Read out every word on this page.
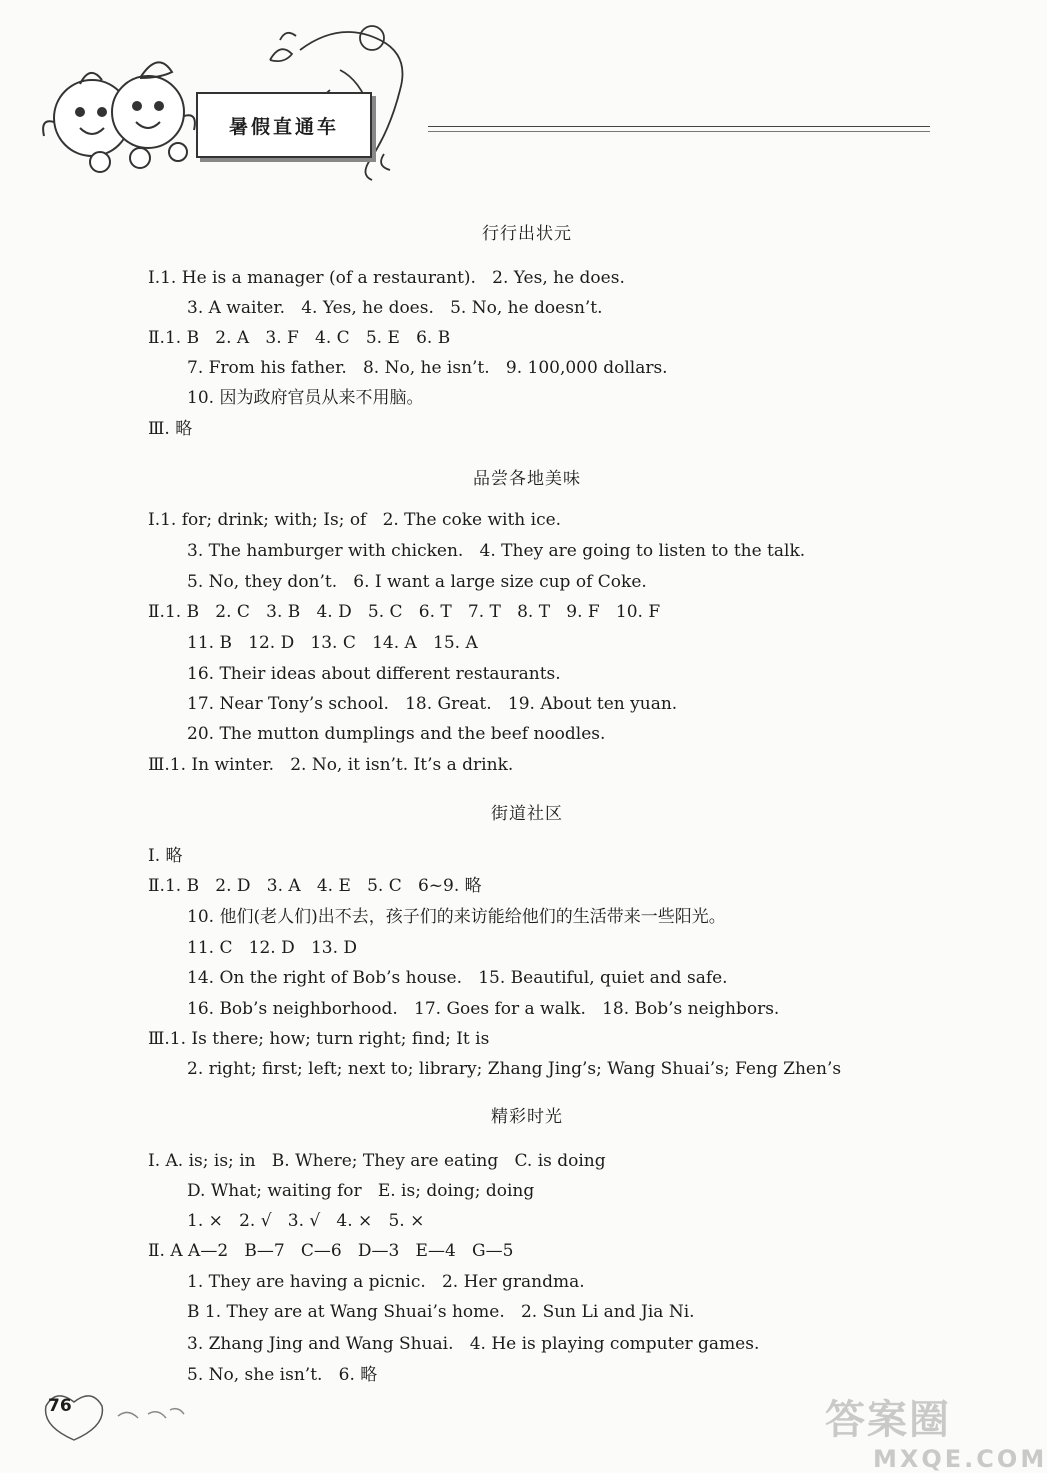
暑假直通车
行行出状元
Ⅰ.1. He is a manager (of a restaurant).   2. Yes, he does.
3. A waiter.   4. Yes, he does.   5. No, he doesn’t.
Ⅱ.1. B   2. A   3. F   4. C   5. E   6. B
7. From his father.   8. No, he isn’t.   9. 100,000 dollars.
10. 因为政府官员从来不用脑。
Ⅲ. 略
品尝各地美味
Ⅰ.1. for; drink; with; Is; of   2. The coke with ice.
3. The hamburger with chicken.   4. They are going to listen to the talk.
5. No, they don’t.   6. I want a large size cup of Coke.
Ⅱ.1. B   2. C   3. B   4. D   5. C   6. T   7. T   8. T   9. F   10. F
11. B   12. D   13. C   14. A   15. A
16. Their ideas about different restaurants.
17. Near Tony’s school.   18. Great.   19. About ten yuan.
20. The mutton dumplings and the beef noodles.
Ⅲ.1. In winter.   2. No, it isn’t. It’s a drink.
街道社区
Ⅰ. 略
Ⅱ.1. B   2. D   3. A   4. E   5. C   6~9. 略
10. 他们(老人们)出不去，孩子们的来访能给他们的生活带来一些阳光。
11. C   12. D   13. D
14. On the right of Bob’s house.   15. Beautiful, quiet and safe.
16. Bob’s neighborhood.   17. Goes for a walk.   18. Bob’s neighbors.
Ⅲ.1. Is there; how; turn right; find; It is
2. right; first; left; next to; library; Zhang Jing’s; Wang Shuai’s; Feng Zhen’s
精彩时光
Ⅰ. A. is; is; in   B. Where; They are eating   C. is doing
D. What; waiting for   E. is; doing; doing
1. ×   2. √   3. √   4. ×   5. ×
Ⅱ. A A—2   B—7   C—6   D—3   E—4   G—5
1. They are having a picnic.   2. Her grandma.
B 1. They are at Wang Shuai’s home.   2. Sun Li and Jia Ni.
3. Zhang Jing and Wang Shuai.   4. He is playing computer games.
5. No, she isn’t.   6. 略
76	答案圈
MXQE.COM
